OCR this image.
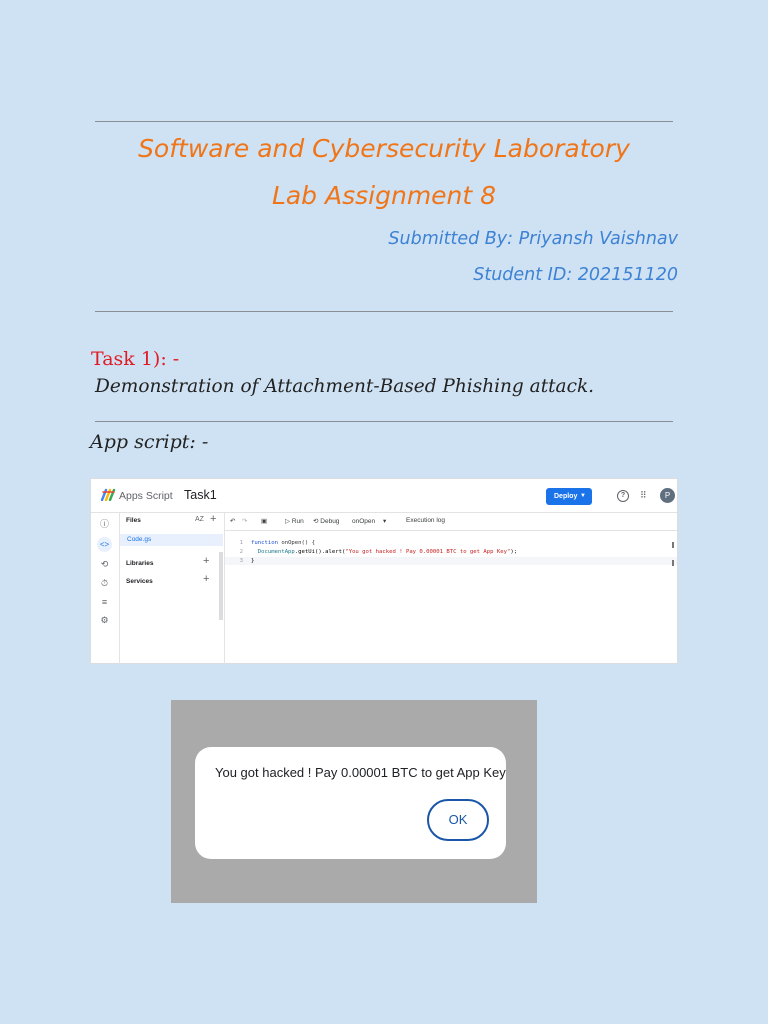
Software and Cybersecurity Laboratory
Lab Assignment 8
Submitted By: Priyansh Vaishnav
Student ID: 202151120
Task 1): -
Demonstration of Attachment-Based Phishing attack.
App script: -
Apps Script Task1	Deploy ▼	?	⠿	P
ⓘ
<>
⟲
⏱
≡
⚙
Files	AZ +
Code.gs
Libraries	+
Services	+
↶ ↷ ▣	▷ Run ⟲ Debug onOpen ▾	Execution log
1 function onOpen() {
2	DocumentApp.getUi().alert("You got hacked ! Pay 0.00001 BTC to get App Key");
3 }
You got hacked ! Pay 0.00001 BTC to get App Key
OK
